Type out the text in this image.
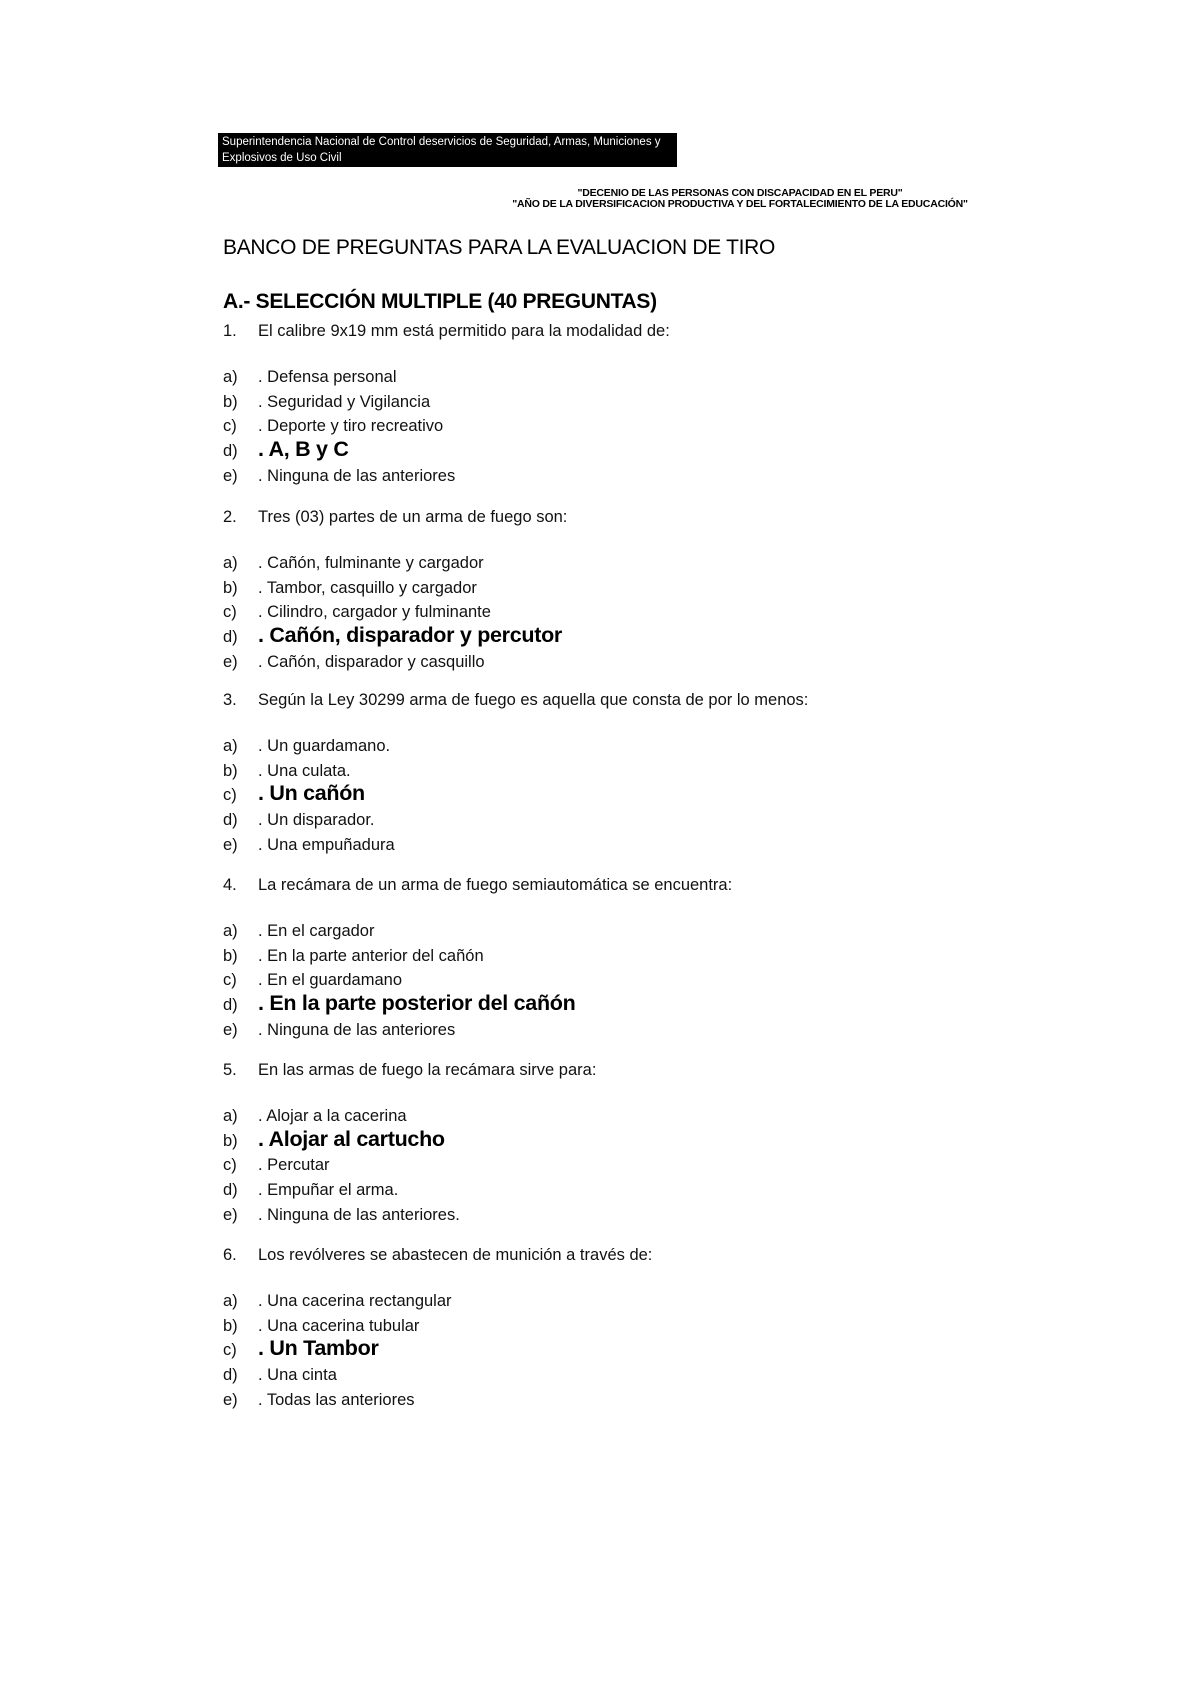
Superintendencia Nacional de Control deservicios de Seguridad, Armas, Municiones y
Explosivos de Uso Civil
"DECENIO DE LAS PERSONAS CON DISCAPACIDAD EN EL PERU"
"AÑO DE LA DIVERSIFICACION PRODUCTIVA Y DEL FORTALECIMIENTO DE LA EDUCACIÓN"
BANCO DE PREGUNTAS PARA LA EVALUACION DE TIRO
A.- SELECCIÓN MULTIPLE (40 PREGUNTAS)
1. El calibre 9x19 mm está permitido para la modalidad de:
a) . Defensa personal
b) . Seguridad y Vigilancia
c) . Deporte y tiro recreativo
d) . A, B y C
e) . Ninguna de las anteriores
2. Tres (03) partes de un arma de fuego son:
a) . Cañón, fulminante y cargador
b) . Tambor, casquillo y cargador
c) . Cilindro, cargador y fulminante
d) . Cañón, disparador y percutor
e) . Cañón, disparador y casquillo
3. Según la Ley 30299 arma de fuego es aquella que consta de por lo menos:
a) . Un guardamano.
b) . Una culata.
c) . Un cañón
d) . Un disparador.
e) . Una empuñadura
4. La recámara de un arma de fuego semiautomática se encuentra:
a) . En el cargador
b) . En la parte anterior del cañón
c) . En el guardamano
d) . En la parte posterior del cañón
e) . Ninguna de las anteriores
5. En las armas de fuego la recámara sirve para:
a) . Alojar a la cacerina
b) . Alojar al cartucho
c) . Percutar
d) . Empuñar el arma.
e) . Ninguna de las anteriores.
6. Los revólveres se abastecen de munición a través de:
a) . Una cacerina rectangular
b) . Una cacerina tubular
c) . Un Tambor
d) . Una cinta
e) . Todas las anteriores
